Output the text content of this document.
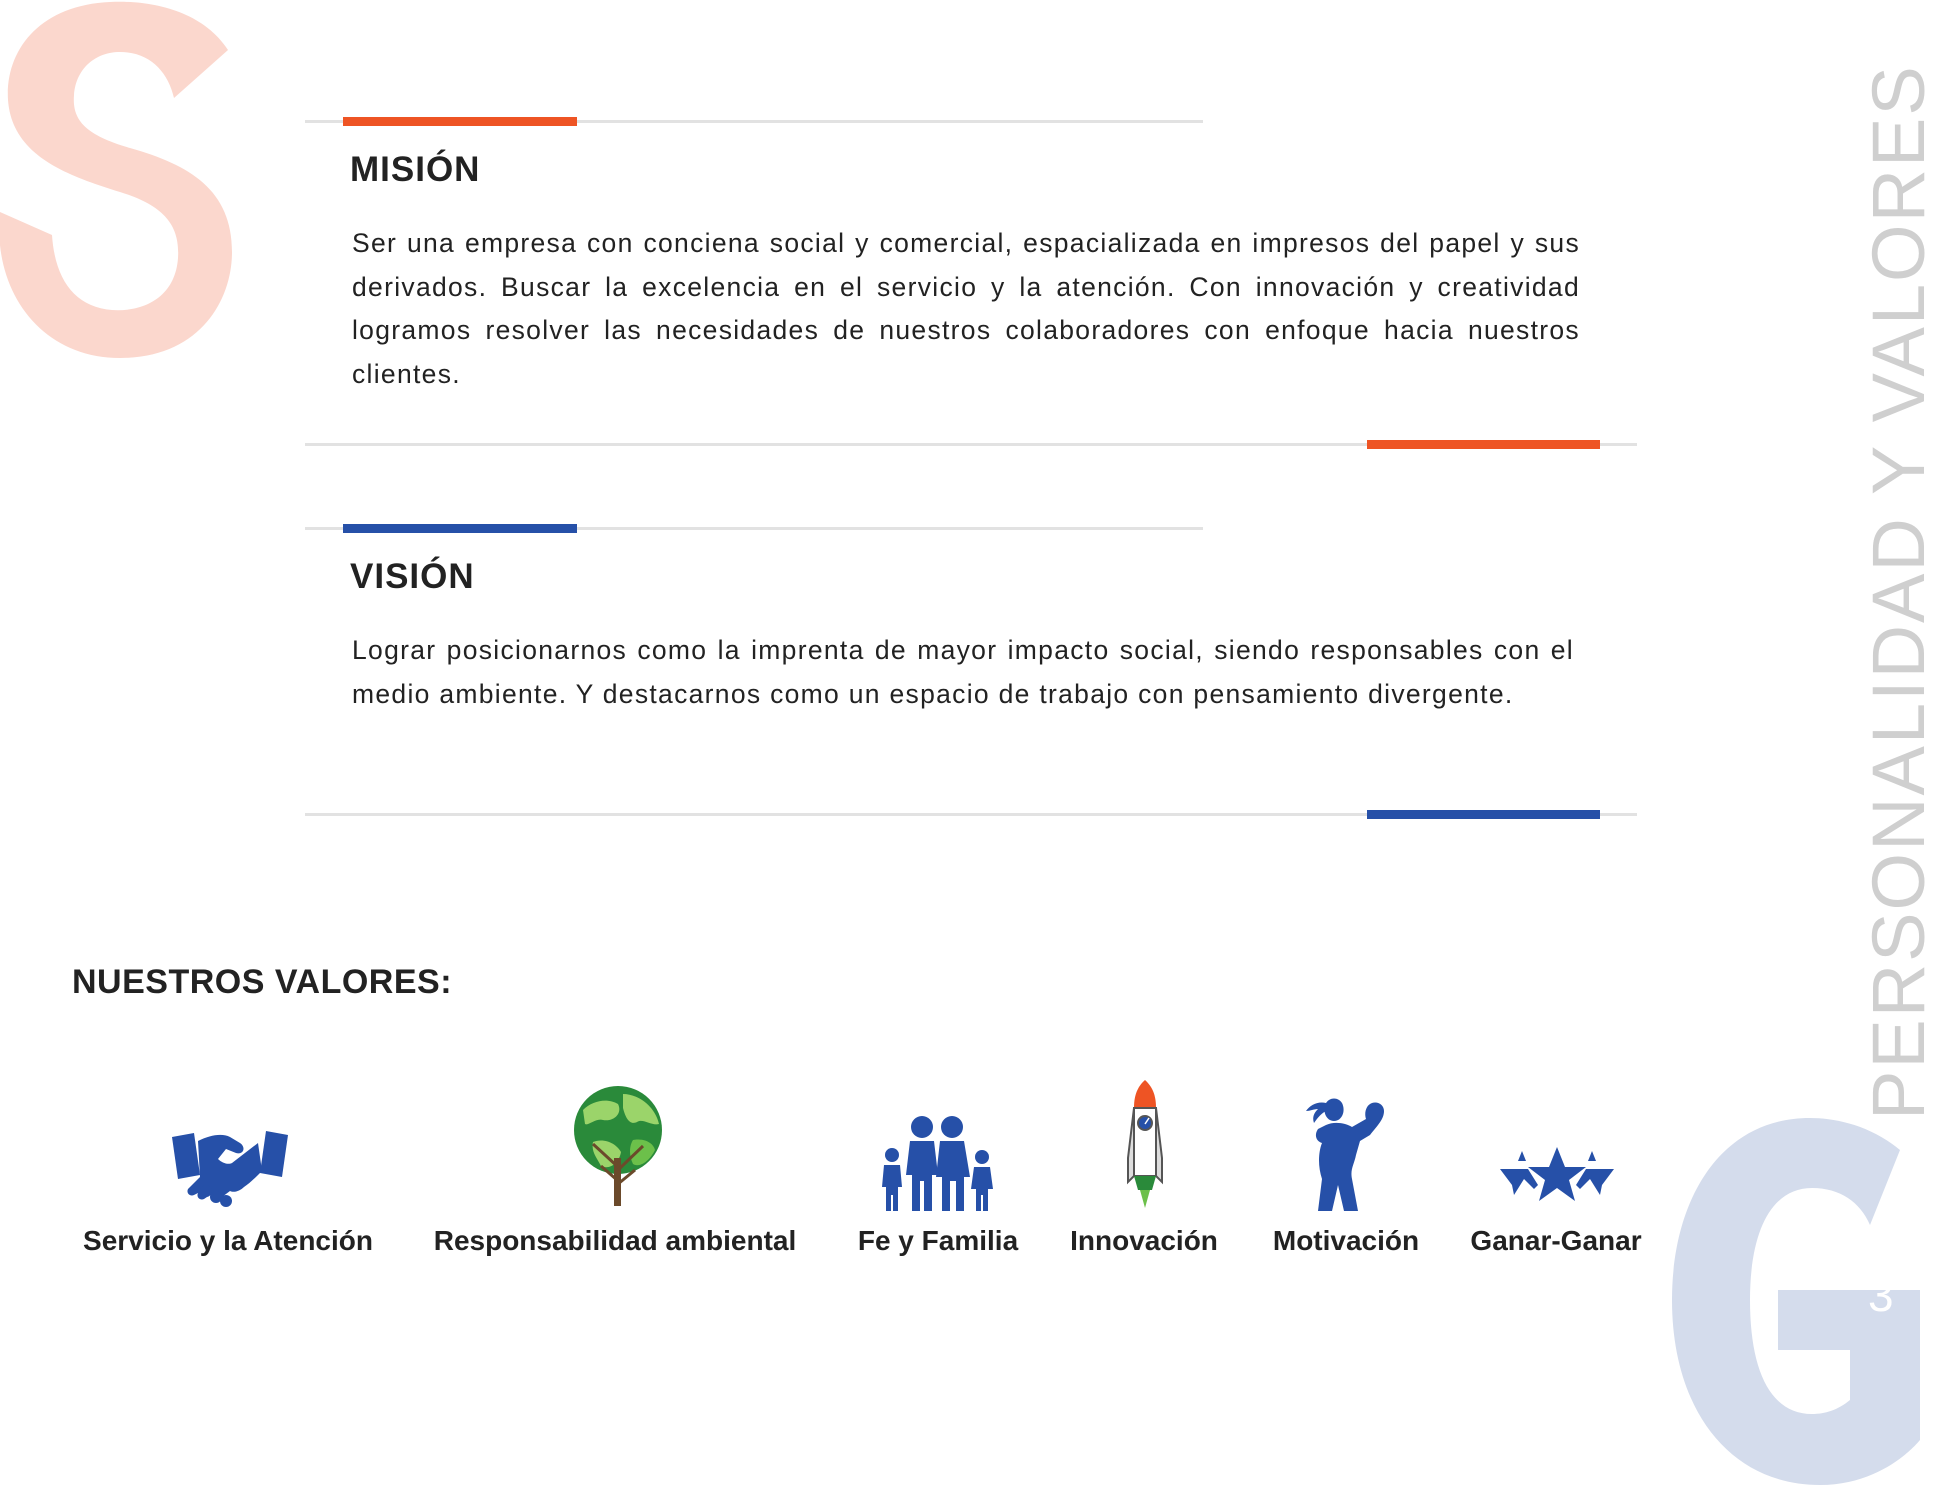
PERSONALIDAD Y VALORES
3
MISIÓN

Ser una empresa con conciena social y comercial, espacializada en impresos del papel y sus derivados. Buscar la excelencia en el servicio y la atención. Con innovación y creatividad logramos resolver las necesidades de nuestros colaboradores con enfoque hacia nuestros clientes.

VISIÓN

Lograr posicionarnos como la imprenta de mayor impacto social, siendo responsables con el medio ambiente. Y destacarnos como un espacio de trabajo con pensamiento divergente.

NUESTROS VALORES:
Servicio y la Atención Responsabilidad ambiental Fe y Familia Innovación Motivación Ganar-Ganar
